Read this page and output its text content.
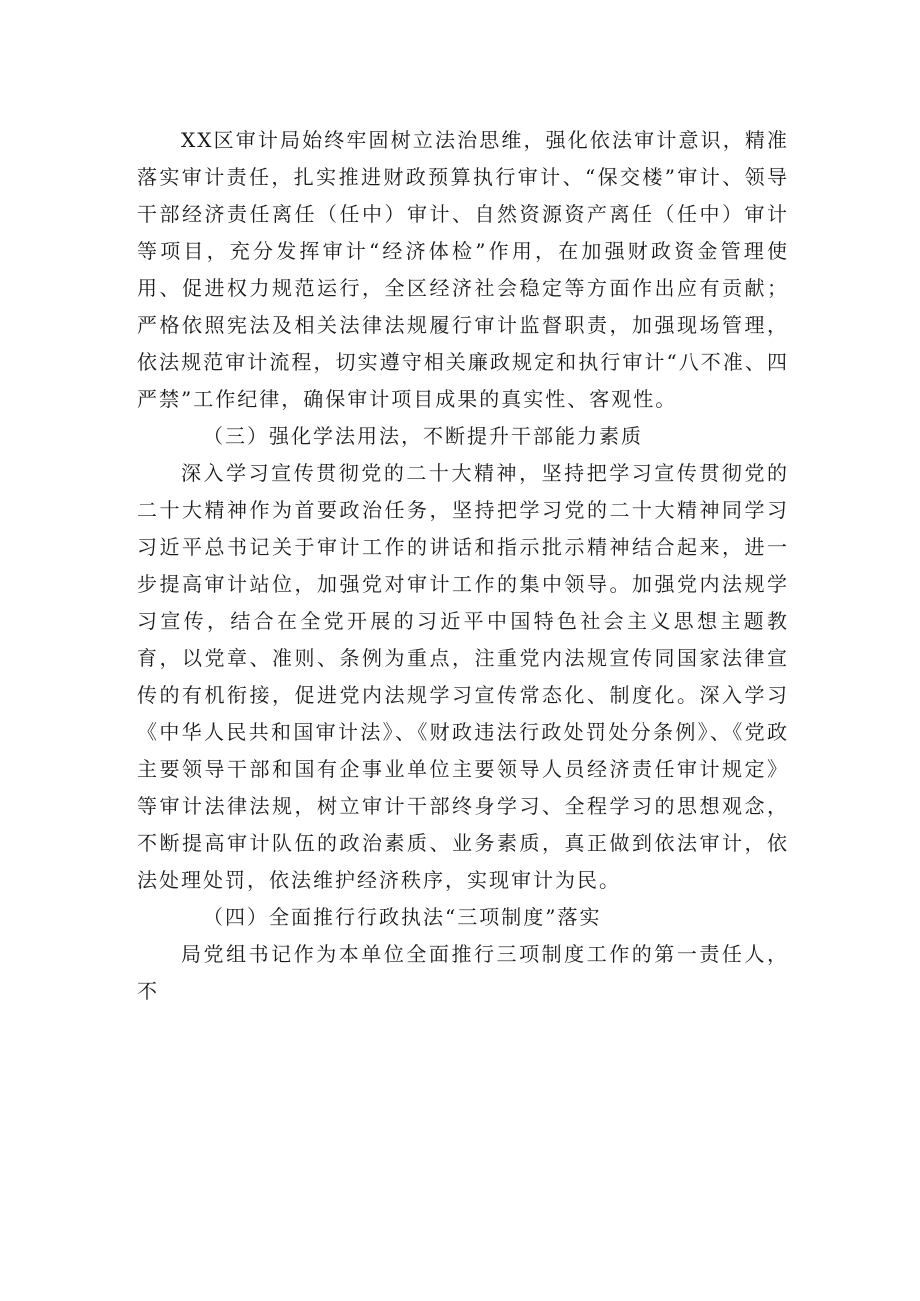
XX区审计局始终牢固树立法治思维，强化依法审计意识，精准落实审计责任，扎实推进财政预算执行审计、“保交楼”审计、领导干部经济责任离任（任中）审计、自然资源资产离任（任中）审计等项目，充分发挥审计“经济体检”作用，在加强财政资金管理使用、促进权力规范运行，全区经济社会稳定等方面作出应有贡献；严格依照宪法及相关法律法规履行审计监督职责，加强现场管理，依法规范审计流程，切实遵守相关廉政规定和执行审计“八不准、四严禁”工作纪律，确保审计项目成果的真实性、客观性。

（三）强化学法用法，不断提升干部能力素质

深入学习宣传贯彻党的二十大精神，坚持把学习宣传贯彻党的二十大精神作为首要政治任务，坚持把学习党的二十大精神同学习习近平总书记关于审计工作的讲话和指示批示精神结合起来，进一步提高审计站位，加强党对审计工作的集中领导。加强党内法规学习宣传，结合在全党开展的习近平中国特色社会主义思想主题教育，以党章、准则、条例为重点，注重党内法规宣传同国家法律宣传的有机衔接，促进党内法规学习宣传常态化、制度化。深入学习《中华人民共和国审计法》、《财政违法行政处罚处分条例》、《党政主要领导干部和国有企事业单位主要领导人员经济责任审计规定》等审计法律法规，树立审计干部终身学习、全程学习的思想观念，不断提高审计队伍的政治素质、业务素质，真正做到依法审计，依法处理处罚，依法维护经济秩序，实现审计为民。

（四）全面推行行政执法“三项制度”落实

局党组书记作为本单位全面推行三项制度工作的第一责任人，不
